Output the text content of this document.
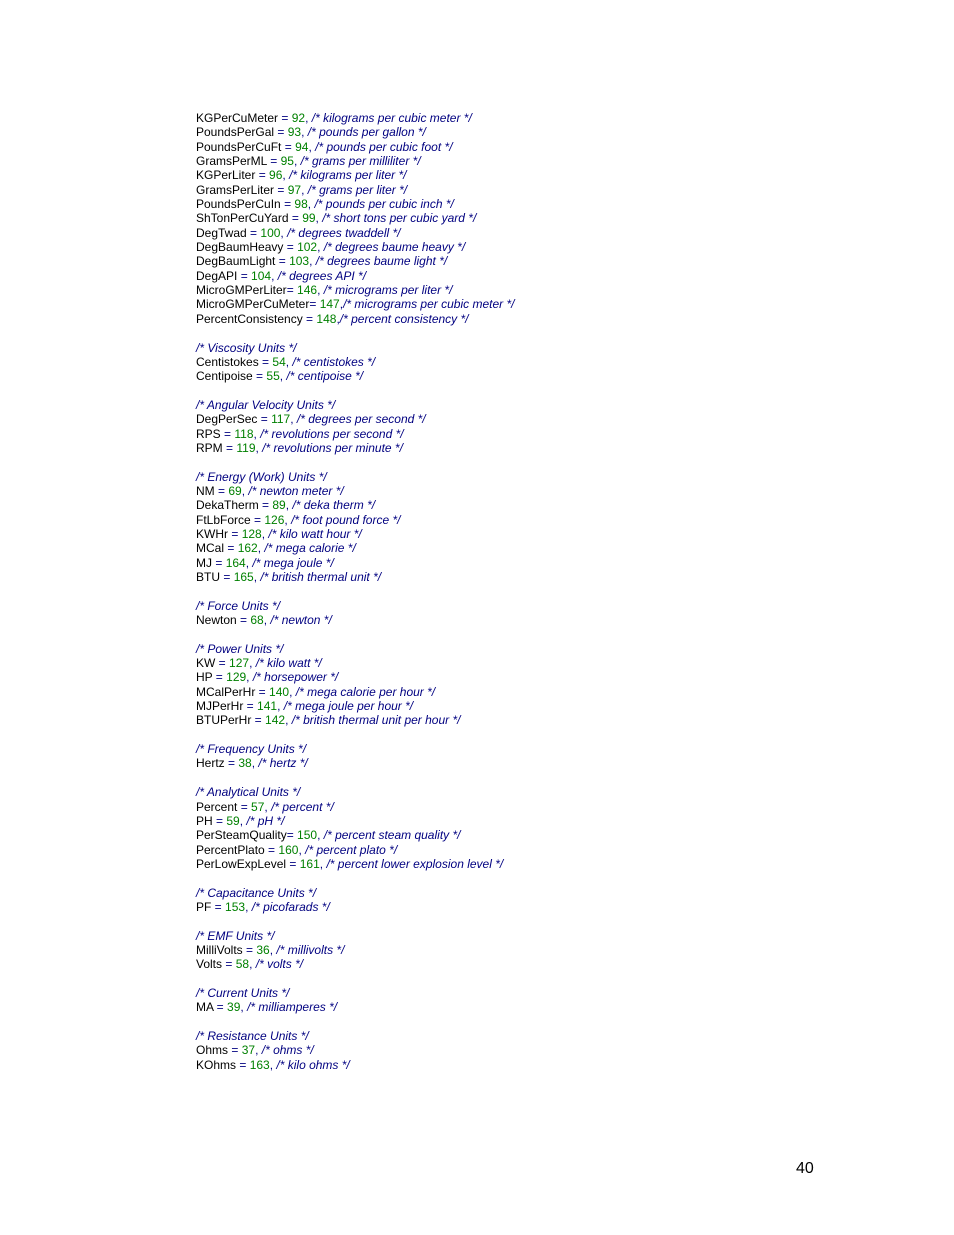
KGPerCuMeter = 92, /* kilograms per cubic meter */
PoundsPerGal = 93, /* pounds per gallon */
PoundsPerCuFt = 94, /* pounds per cubic foot */
GramsPerML = 95, /* grams per milliliter */
KGPerLiter = 96, /* kilograms per liter */
GramsPerLiter = 97, /* grams per liter */
PoundsPerCuIn = 98, /* pounds per cubic inch */
ShTonPerCuYard = 99, /* short tons per cubic yard */
DegTwad = 100, /* degrees twaddell */
DegBaumHeavy = 102, /* degrees baume heavy */
DegBaumLight = 103, /* degrees baume light */
DegAPI = 104, /* degrees API */
MicroGMPerLiter= 146, /* micrograms per liter */
MicroGMPerCuMeter= 147,/* micrograms per cubic meter */
PercentConsistency = 148,/* percent consistency */
/* Viscosity Units */
Centistokes = 54, /* centistokes */
Centipoise = 55, /* centipoise */
/* Angular Velocity Units */
DegPerSec = 117, /* degrees per second */
RPS = 118, /* revolutions per second */
RPM = 119, /* revolutions per minute */
/* Energy (Work) Units */
NM = 69, /* newton meter */
DekaTherm = 89, /* deka therm */
FtLbForce = 126, /* foot pound force */
KWHr = 128, /* kilo watt hour */
MCal = 162, /* mega calorie */
MJ = 164, /* mega joule */
BTU = 165, /* british thermal unit */
/* Force Units */
Newton = 68, /* newton */
/* Power Units */
KW = 127, /* kilo watt */
HP = 129, /* horsepower */
MCalPerHr = 140, /* mega calorie per hour */
MJPerHr = 141, /* mega joule per hour */
BTUPerHr = 142, /* british thermal unit per hour */
/* Frequency Units */
Hertz = 38, /* hertz */
/* Analytical Units */
Percent = 57, /* percent */
PH = 59, /* pH */
PerSteamQuality= 150, /* percent steam quality */
PercentPlato = 160, /* percent plato */
PerLowExpLevel = 161, /* percent lower explosion level */
/* Capacitance Units */
PF = 153, /* picofarads */
/* EMF Units */
MilliVolts = 36, /* millivolts */
Volts = 58, /* volts */
/* Current Units */
MA = 39, /* milliamperes */
/* Resistance Units */
Ohms = 37, /* ohms */
KOhms = 163, /* kilo ohms */
40
